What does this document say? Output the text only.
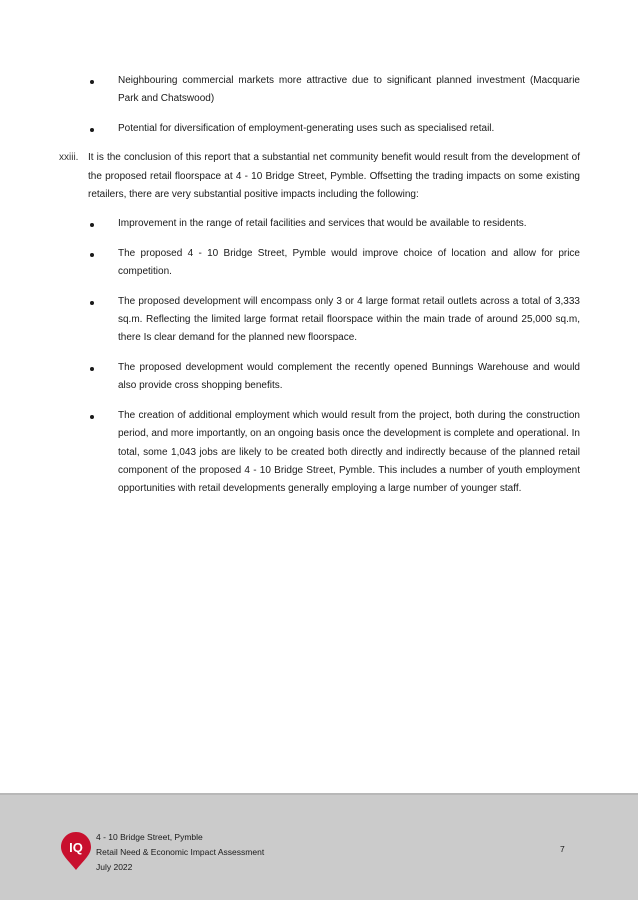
Neighbouring commercial markets more attractive due to significant planned investment (Macquarie Park and Chatswood)
Potential for diversification of employment-generating uses such as specialised retail.
xxiii. It is the conclusion of this report that a substantial net community benefit would result from the development of the proposed retail floorspace at 4 - 10 Bridge Street, Pymble. Offsetting the trading impacts on some existing retailers, there are very substantial positive impacts including the following:
Improvement in the range of retail facilities and services that would be available to residents.
The proposed 4 - 10 Bridge Street, Pymble would improve choice of location and allow for price competition.
The proposed development will encompass only 3 or 4 large format retail outlets across a total of 3,333 sq.m. Reflecting the limited large format retail floorspace within the main trade of around 25,000 sq.m, there Is clear demand for the planned new floorspace.
The proposed development would complement the recently opened Bunnings Warehouse and would also provide cross shopping benefits.
The creation of additional employment which would result from the project, both during the construction period, and more importantly, on an ongoing basis once the development is complete and operational. In total, some 1,043 jobs are likely to be created both directly and indirectly because of the planned retail component of the proposed 4 - 10 Bridge Street, Pymble. This includes a number of youth employment opportunities with retail developments generally employing a large number of younger staff.
IQ
4 - 10 Bridge Street, Pymble
Retail Need & Economic Impact Assessment
July 2022
7
